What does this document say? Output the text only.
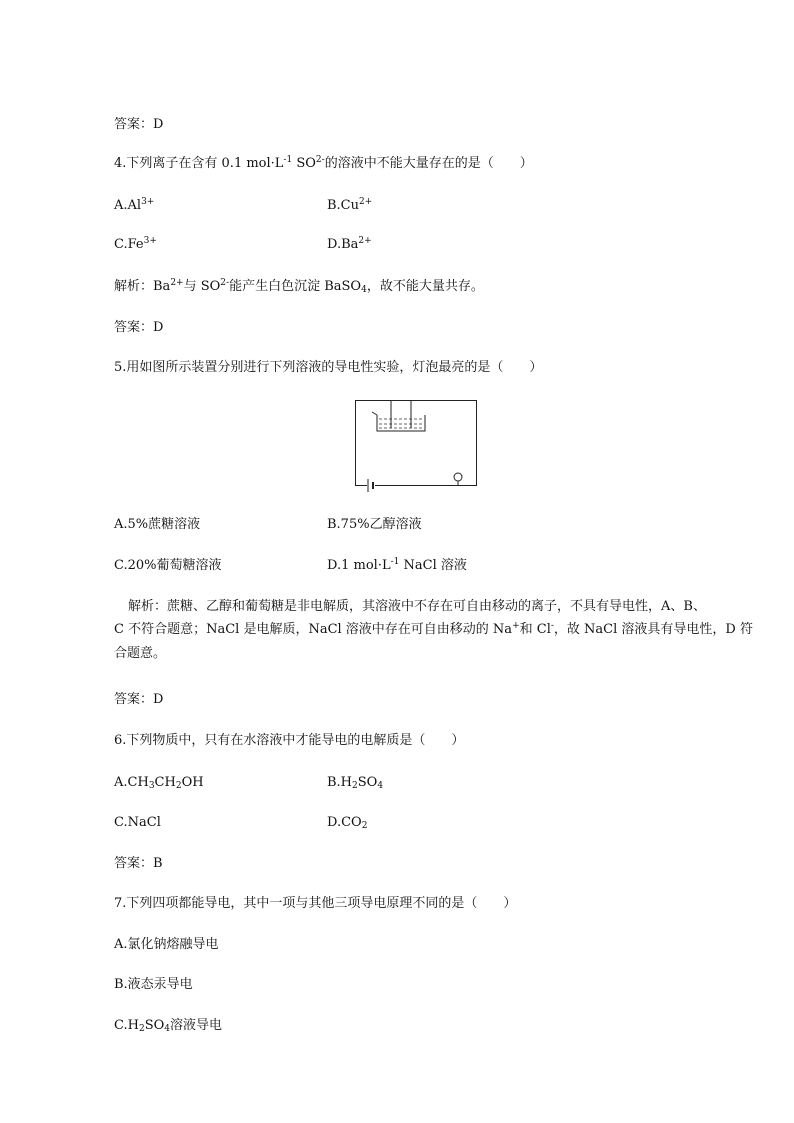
答案：D
4.下列离子在含有 0.1 $mol\cdot L^{-1}$ $SO^{2-}$的溶液中不能大量存在的是（　　）
$A.Al^{3+}$	$B.Cu^{2+}$
$C.Fe^{3+}$	$D.Ba^{2+}$
解析：$Ba^{2+}$与 $SO^{2-}$能产生白色沉淀 BaSO$_4$，故不能大量共存。
答案：D
5.用如图所示装置分别进行下列溶液的导电性实验，灯泡最亮的是（　　）
A.5%蔗糖溶液	B.75%乙醇溶液
C.20%葡萄糖溶液	D.1 $mol\cdot L^{-1}$ NaCl 溶液
解析：蔗糖、乙醇和葡萄糖是非电解质，其溶液中不存在可自由移动的离子，不具有导电性，A、B、
C 不符合题意；NaCl 是电解质，NaCl 溶液中存在可自由移动的 Na+和 Cl-，故 NaCl 溶液具有导电性，D 符
合题意。
答案：D
6.下列物质中，只有在水溶液中才能导电的电解质是（　　）
$A.CH_3CH_2OH$	$B.H_2SO_4$
C.NaCl	$D.CO_2$
答案：B
7.下列四项都能导电，其中一项与其他三项导电原理不同的是（　　）
A.氯化钠熔融导电
B.液态汞导电
$C.H_2SO_4$溶液导电
